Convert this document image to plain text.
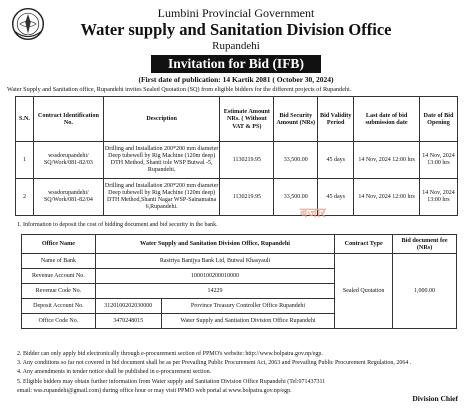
Lumbini Provincial Government
Water supply and Sanitation Division Office
Rupandehi
Invitation for Bid (IFB)
(First date of publication: 14 Kartik 2081 ( October 30, 2024)
Water Supply and Sanitation office, Rupandehi invites Sealed Quotation (SQ) from eligible bidders for the different projects of Rupandehi.
S.N.	Contract Identification No.	Description	Estimate Amount NRs. ( Without VAT & PS)	Bid Security Amount (NRs)	Bid Validity Period	Last date of bid submission date	Date of Bid Opening
1	wssdorupandehi/ SQ/Work/081-82/03	Drilling and Installation 200*200 mm diameter Deep tubewell by Rig Machine (120m deep) DTH Method, Shanti tole WSP Butwal -5, Rupandehi.	1130219.95	33,500.00	45 days	14 Nov, 2024 12:00 hrs	14 Nov, 2024 13:00 hrs
2	wssdorupandehi/ SQ/Work/081-82/04	Drilling and Installation 200*200 mm diameter Deep tubewell by Rig Machine (120m deep) DTH Method,Shanti Nagar WSP-Sainamaina 6,Rupandehi.	1130219.95	33,500.00	45 days	14 Nov, 2024 12:00 hrs	14 Nov, 2024 13:00 hrs
बजार
1. Information to deposit the cost of bidding document and bid security in the bank.
Office Name	Water Supply and Sanitation Division Office, Rupandehi		Contract Type	Bid document fee (NRs)
Name of Bank	Rastriya Banijya Bank Ltd, Butwal Khasyauli		Sealed Quotation	1,000.00
Revenue Account No.	1000100200010000			
Revenue Code No.	14229			
Deposit Account No.	3120100202030000	Province Treasury Controller Office Rupandehi		
Office Code No.	3470248015	Water Supply and Sanitation Division Office Rupandehi		
2. Bidder can only apply bid electronically through e-procurement section of PPMO's website: http://www.bolpatra.gov.np/egp.
3. Any conditions so far not covered in bid document shall be as per Prevailing Public Procurement Act, 2063 and Prevailing Public Procurement Regulation, 2064 .
4. Any amendments in tender notice shall be published in e-procurement section.
5. Eligible bidders may obtain further information from Water supply and Sanitation Division Office Rupandehi (Tel:071437311
email: wss.rupandehi@gmail.com) during office hour or may visit PPMO web portal at www.bolpatra.gov.np/egp.
Division Chief
